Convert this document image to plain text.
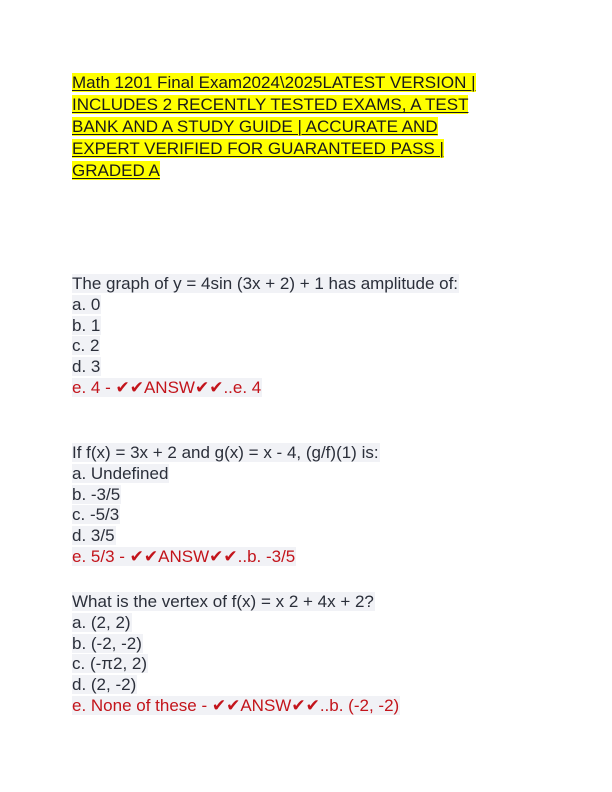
Math 1201 Final Exam2024\2025LATEST VERSION |
INCLUDES 2 RECENTLY TESTED EXAMS, A TEST
BANK AND A STUDY GUIDE | ACCURATE AND
EXPERT VERIFIED FOR GUARANTEED PASS |
GRADED A
The graph of y = 4sin (3x + 2) + 1 has amplitude of:
a. 0
b. 1
c. 2
d. 3
e. 4 - ✔✔ANSW✔✔..e. 4
If f(x) = 3x + 2 and g(x) = x - 4, (g/f)(1) is:
a. Undefined
b. -3/5
c. -5/3
d. 3/5
e. 5/3 - ✔✔ANSW✔✔..b. -3/5
What is the vertex of f(x) = x 2 + 4x + 2?
a. (2, 2)
b. (-2, -2)
c. (-π2, 2)
d. (2, -2)
e. None of these - ✔✔ANSW✔✔..b. (-2, -2)
